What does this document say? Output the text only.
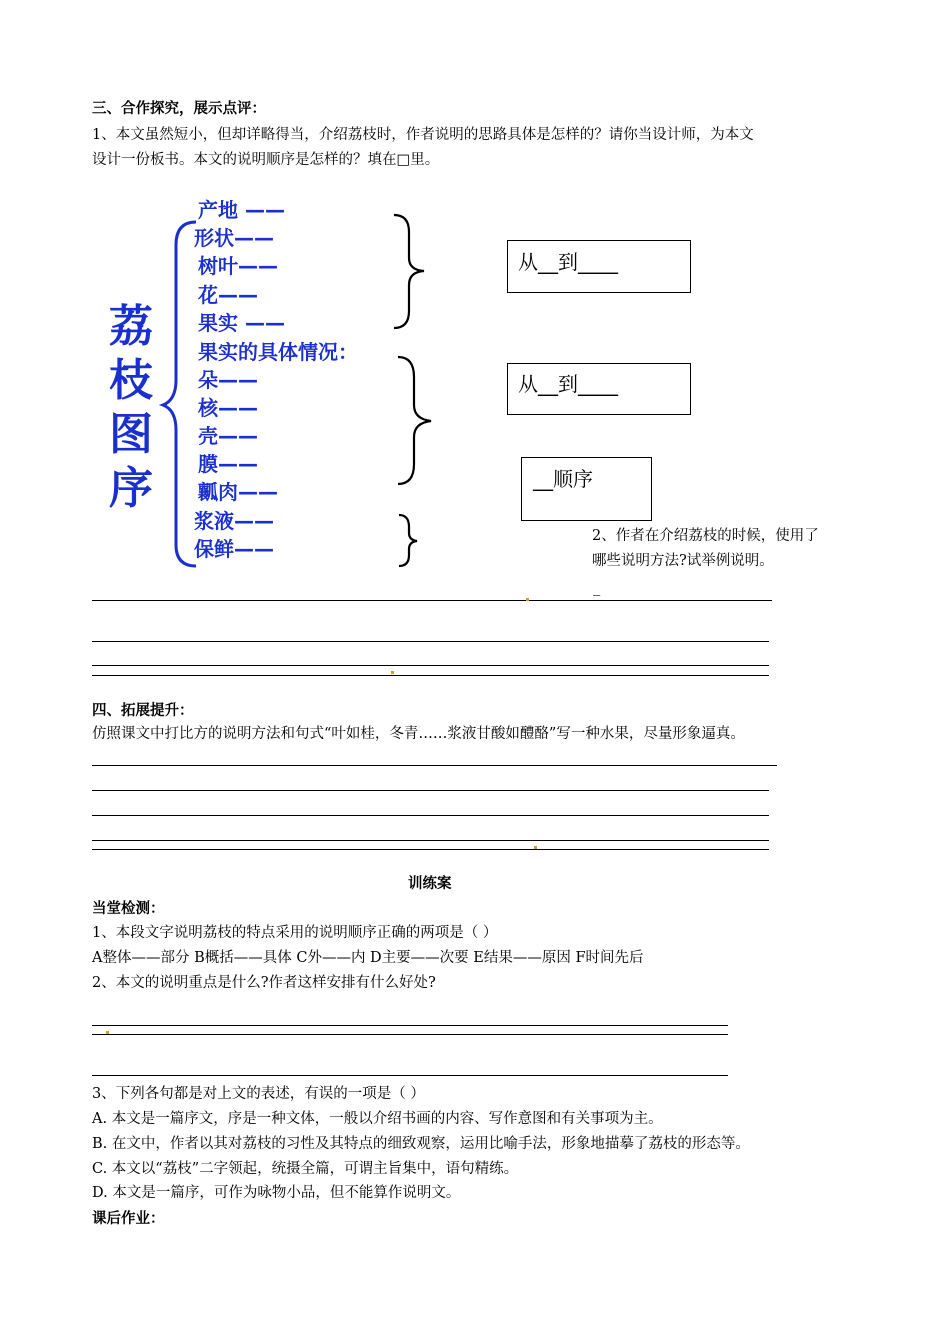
三、合作探究，展示点评：
1、本文虽然短小，但却详略得当，介绍荔枝时，作者说明的思路具体是怎样的？请你当设计师，为本文
设计一份板书。本文的说明顺序是怎样的？填在□里。
荔枝图序
产地 ——
形状——
树叶——
花——
果实 ——
果实的具体情况：
朵——
核——
壳——
膜——
瓤肉——
浆液——
保鲜——
从__到____
从__到____
__顺序
2、作者在介绍荔枝的时候，使用了
哪些说明方法?试举例说明。
_
四、拓展提升：
仿照课文中打比方的说明方法和句式“叶如桂，冬青……浆液甘酸如醴酪”写一种水果，尽量形象逼真。
训练案
当堂检测：
1、本段文字说明荔枝的特点采用的说明顺序正确的两项是（ ）
A整体——部分 B概括——具体 C外——内 D主要——次要 E结果——原因 F时间先后
2、本文的说明重点是什么?作者这样安排有什么好处?
3、下列各句都是对上文的表述，有误的一项是（ ）
A. 本文是一篇序文，序是一种文体，一般以介绍书画的内容、写作意图和有关事项为主。
B. 在文中，作者以其对荔枝的习性及其特点的细致观察，运用比喻手法，形象地描摹了荔枝的形态等。
C. 本文以“荔枝”二字领起，统摄全篇，可谓主旨集中，语句精练。
D. 本文是一篇序，可作为咏物小品，但不能算作说明文。
课后作业：
